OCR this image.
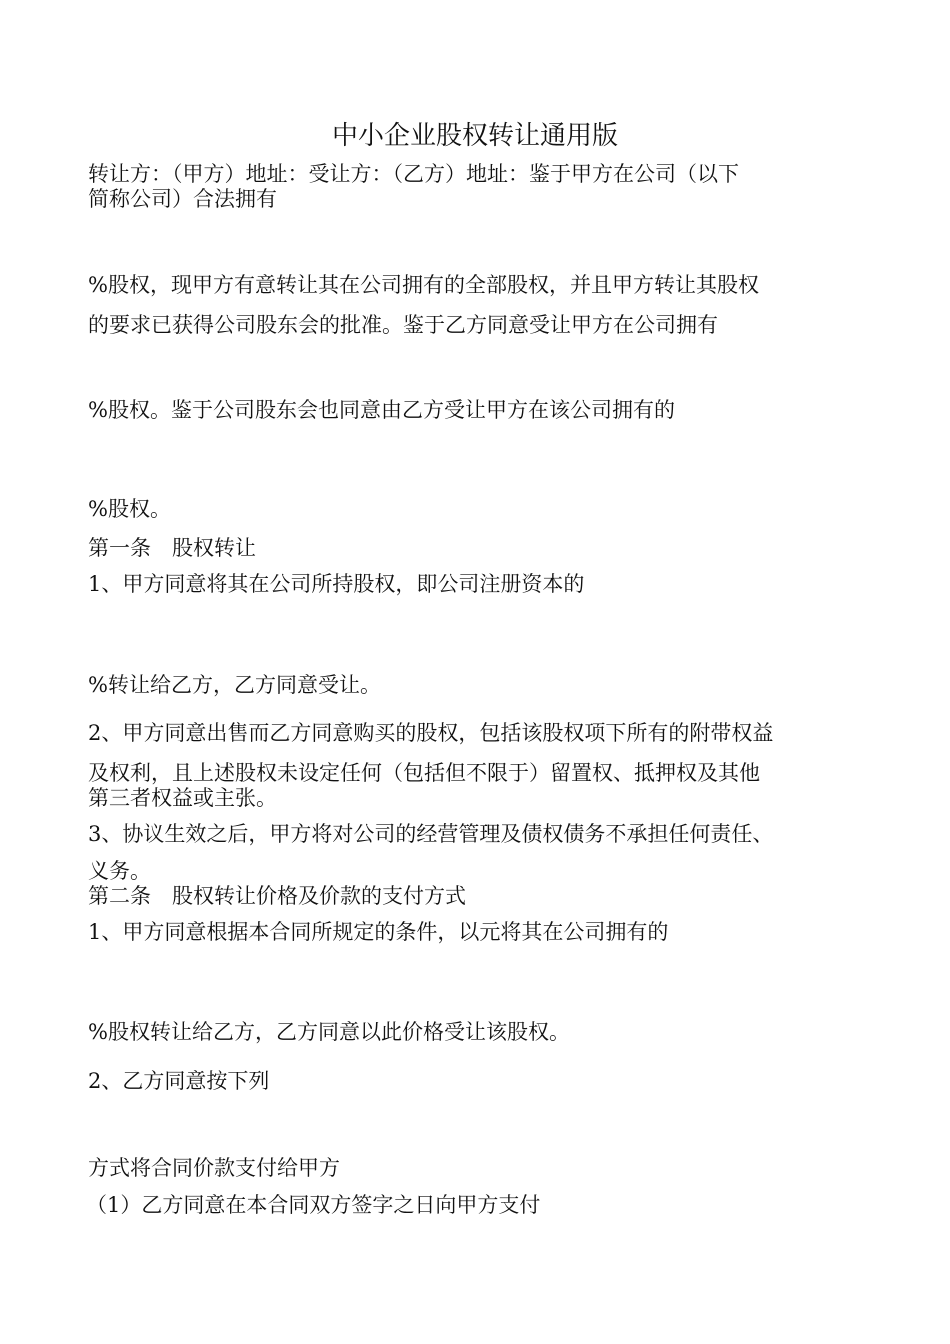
中小企业股权转让通用版

转让方：（甲方）地址：受让方：（乙方）地址：鉴于甲方在公司（以下

简称公司）合法拥有

%股权，现甲方有意转让其在公司拥有的全部股权，并且甲方转让其股权

的要求已获得公司股东会的批准。鉴于乙方同意受让甲方在公司拥有

%股权。鉴于公司股东会也同意由乙方受让甲方在该公司拥有的

%股权。

第一条　股权转让

1、甲方同意将其在公司所持股权，即公司注册资本的

%转让给乙方，乙方同意受让。

2、甲方同意出售而乙方同意购买的股权，包括该股权项下所有的附带权益

及权利，且上述股权未设定任何（包括但不限于）留置权、抵押权及其他

第三者权益或主张。

3、协议生效之后，甲方将对公司的经营管理及债权债务不承担任何责任、

义务。

第二条　股权转让价格及价款的支付方式

1、甲方同意根据本合同所规定的条件，以元将其在公司拥有的

%股权转让给乙方，乙方同意以此价格受让该股权。

2、乙方同意按下列

方式将合同价款支付给甲方

（1）乙方同意在本合同双方签字之日向甲方支付
